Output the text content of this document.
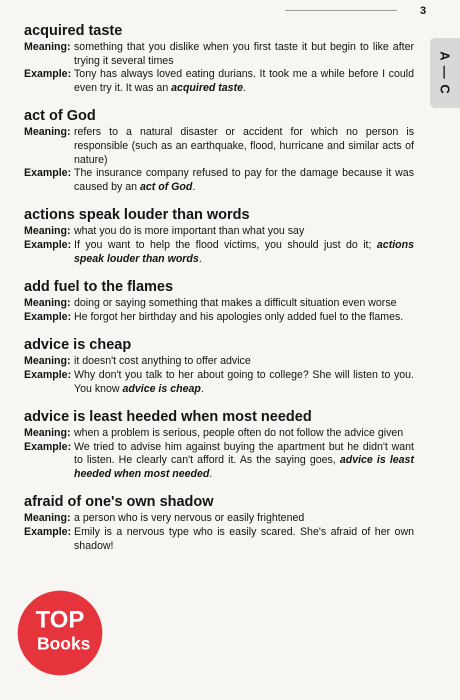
3
A — C
acquired taste
Meaning: something that you dislike when you first taste it but begin to like after trying it several times
Example: Tony has always loved eating durians. It took me a while before I could even try it. It was an acquired taste.
act of God
Meaning: refers to a natural disaster or accident for which no person is responsible (such as an earthquake, flood, hurricane and similar acts of nature)
Example: The insurance company refused to pay for the damage because it was caused by an act of God.
actions speak louder than words
Meaning: what you do is more important than what you say
Example: If you want to help the flood victims, you should just do it; actions speak louder than words.
add fuel to the flames
Meaning: doing or saying something that makes a difficult situation even worse
Example: He forgot her birthday and his apologies only added fuel to the flames.
advice is cheap
Meaning: it doesn't cost anything to offer advice
Example: Why don't you talk to her about going to college? She will listen to you. You know advice is cheap.
advice is least heeded when most needed
Meaning: when a problem is serious, people often do not follow the advice given
Example: We tried to advise him against buying the apartment but he didn't want to listen. He clearly can't afford it. As the saying goes, advice is least heeded when most needed.
afraid of one's own shadow
Meaning: a person who is very nervous or easily frightened
Example: Emily is a nervous type who is easily scared. She's afraid of her own shadow!
TOP
Books
